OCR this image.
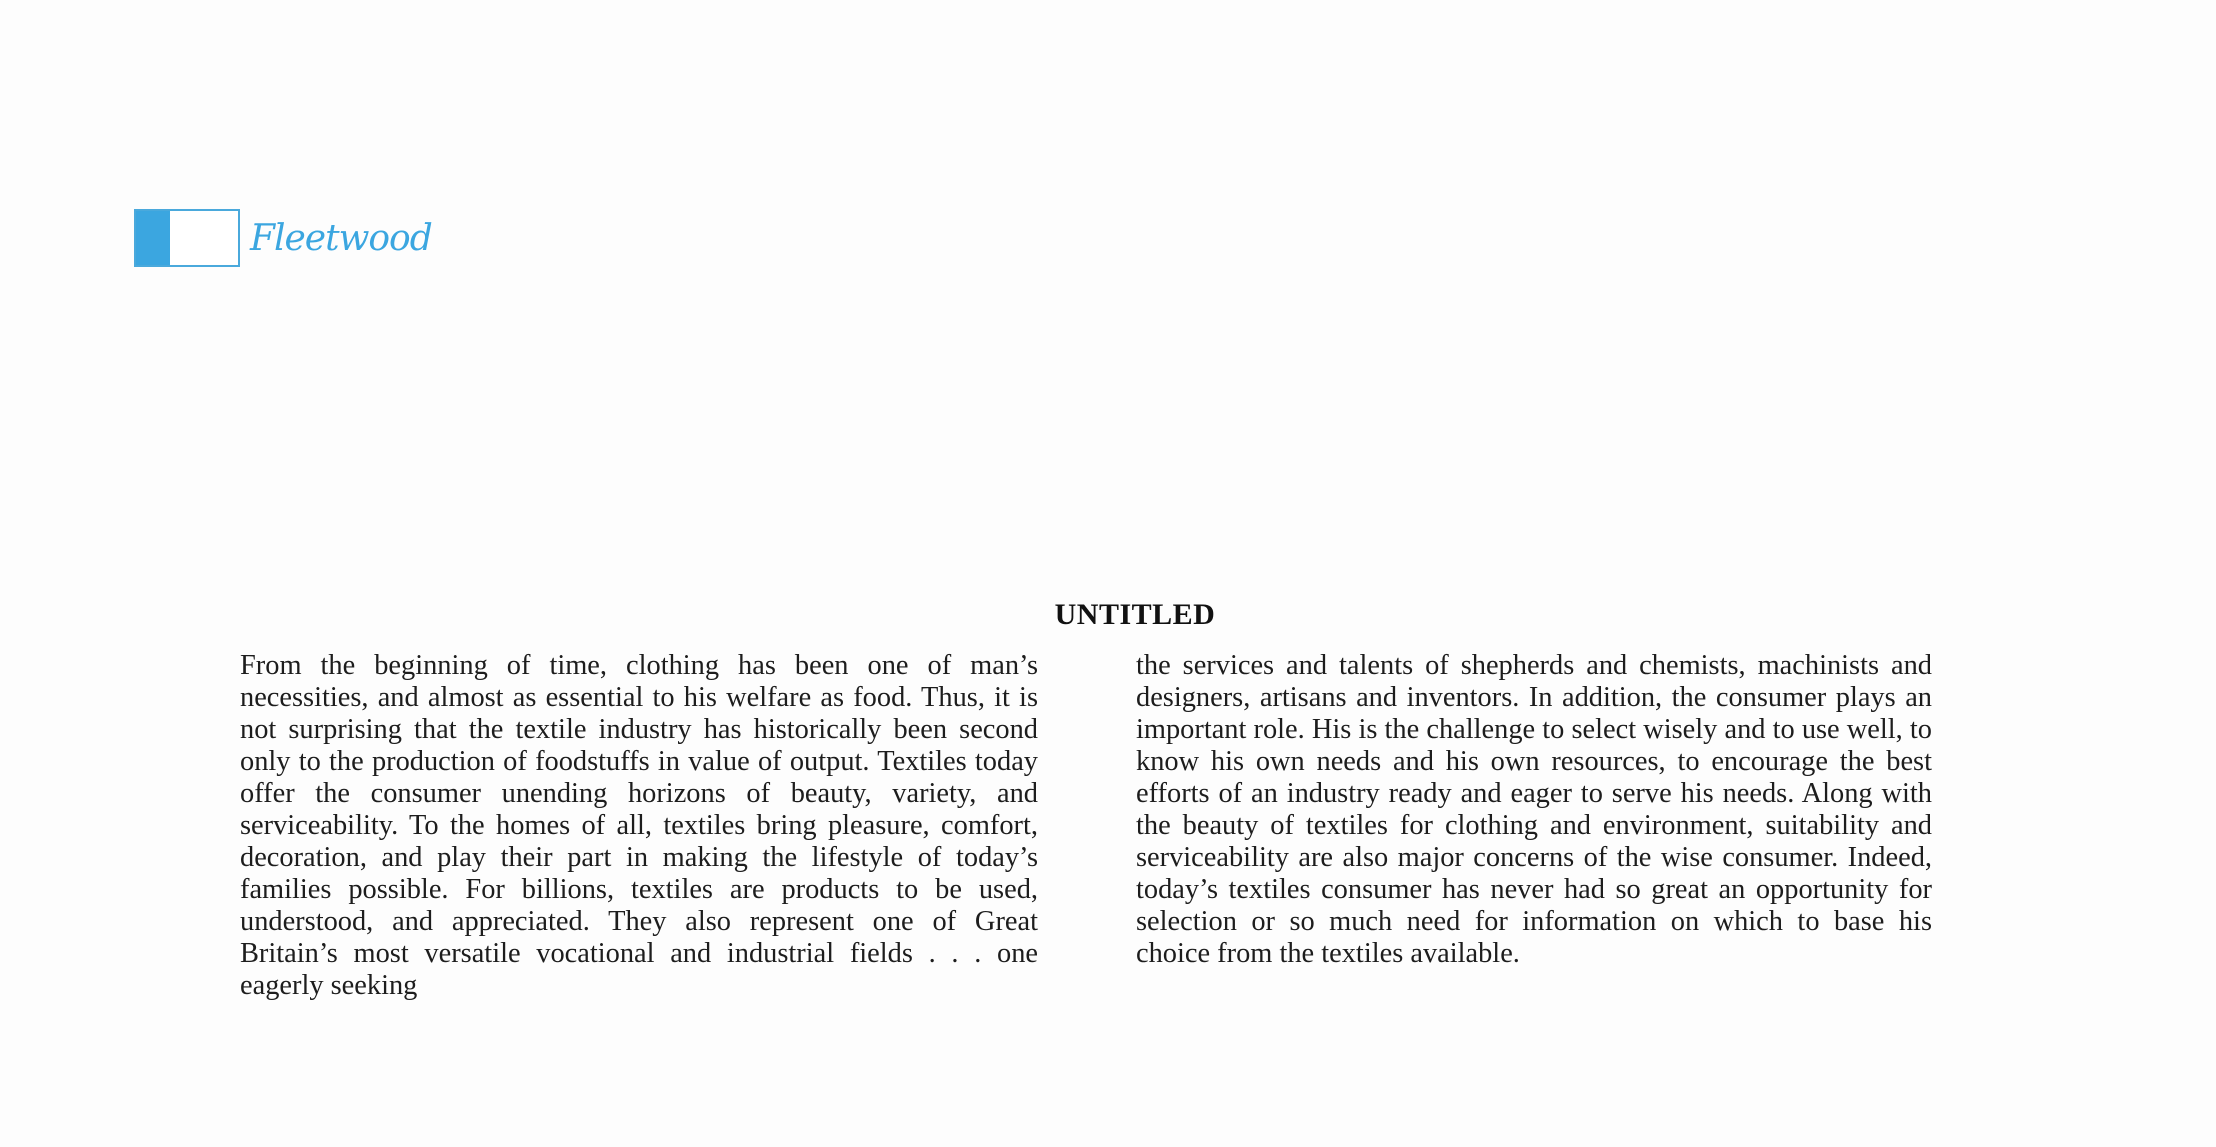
Fleetwood
UNTITLED
From the beginning of time, clothing has been one of man’s necessities, and almost as essential to his welfare as food. Thus, it is not surprising that the textile industry has historically been second only to the production of foodstuffs in value of output. Textiles today offer the consumer unending horizons of beauty, variety, and serviceability. To the homes of all, textiles bring pleasure, comfort, decoration, and play their part in making the lifestyle of today’s families possible. For billions, textiles are products to be used, understood, and appreciated. They also represent one of Great Britain’s most versatile vocational and industrial fields . . . one eagerly seeking
the services and talents of shepherds and chemists, machinists and designers, artisans and inventors. In addition, the consumer plays an important role. His is the challenge to select wisely and to use well, to know his own needs and his own resources, to encourage the best efforts of an industry ready and eager to serve his needs. Along with the beauty of textiles for clothing and environment, suitability and serviceability are also major concerns of the wise consumer. Indeed, today’s textiles consumer has never had so great an opportunity for selection or so much need for information on which to base his choice from the textiles available.
